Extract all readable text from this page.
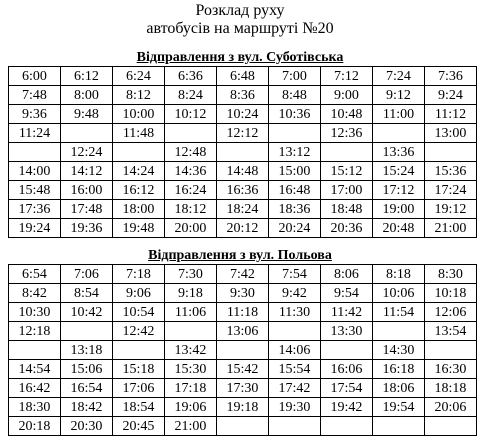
Розклад руху
автобусів на маршруті №20
Відправлення з вул. Суботівська
6:00	6:12	6:24	6:36	6:48	7:00	7:12	7:24	7:36
7:48	8:00	8:12	8:24	8:36	8:48	9:00	9:12	9:24
9:36	9:48	10:00	10:12	10:24	10:36	10:48	11:00	11:12
11:24		11:48		12:12		12:36		13:00
	12:24		12:48		13:12		13:36	
14:00	14:12	14:24	14:36	14:48	15:00	15:12	15:24	15:36
15:48	16:00	16:12	16:24	16:36	16:48	17:00	17:12	17:24
17:36	17:48	18:00	18:12	18:24	18:36	18:48	19:00	19:12
19:24	19:36	19:48	20:00	20:12	20:24	20:36	20:48	21:00
Відправлення з вул. Польова
6:54	7:06	7:18	7:30	7:42	7:54	8:06	8:18	8:30
8:42	8:54	9:06	9:18	9:30	9:42	9:54	10:06	10:18
10:30	10:42	10:54	11:06	11:18	11:30	11:42	11:54	12:06
12:18		12:42		13:06		13:30		13:54
	13:18		13:42		14:06		14:30	
14:54	15:06	15:18	15:30	15:42	15:54	16:06	16:18	16:30
16:42	16:54	17:06	17:18	17:30	17:42	17:54	18:06	18:18
18:30	18:42	18:54	19:06	19:18	19:30	19:42	19:54	20:06
20:18	20:30	20:45	21:00					
